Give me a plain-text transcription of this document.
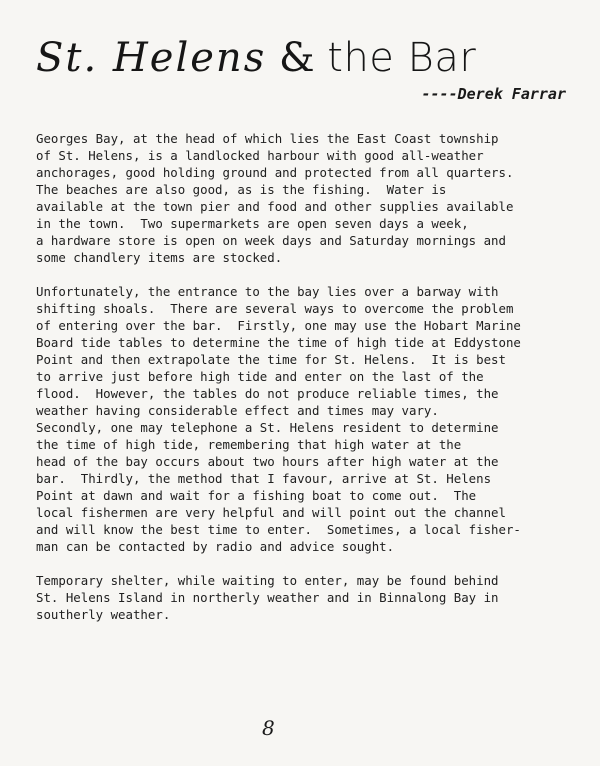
St. Helens & the Bar
----Derek Farrar
Georges Bay, at the head of which lies the East Coast township
of St. Helens, is a landlocked harbour with good all-weather
anchorages, good holding ground and protected from all quarters.
The beaches are also good, as is the fishing.  Water is
available at the town pier and food and other supplies available
in the town.  Two supermarkets are open seven days a week,
a hardware store is open on week days and Saturday mornings and
some chandlery items are stocked.
Unfortunately, the entrance to the bay lies over a barway with
shifting shoals.  There are several ways to overcome the problem
of entering over the bar.  Firstly, one may use the Hobart Marine
Board tide tables to determine the time of high tide at Eddystone
Point and then extrapolate the time for St. Helens.  It is best
to arrive just before high tide and enter on the last of the
flood.  However, the tables do not produce reliable times, the
weather having considerable effect and times may vary.
Secondly, one may telephone a St. Helens resident to determine
the time of high tide, remembering that high water at the
head of the bay occurs about two hours after high water at the
bar.  Thirdly, the method that I favour, arrive at St. Helens
Point at dawn and wait for a fishing boat to come out.  The
local fishermen are very helpful and will point out the channel
and will know the best time to enter.  Sometimes, a local fisher-
man can be contacted by radio and advice sought.
Temporary shelter, while waiting to enter, may be found behind
St. Helens Island in northerly weather and in Binnalong Bay in
southerly weather.
8
